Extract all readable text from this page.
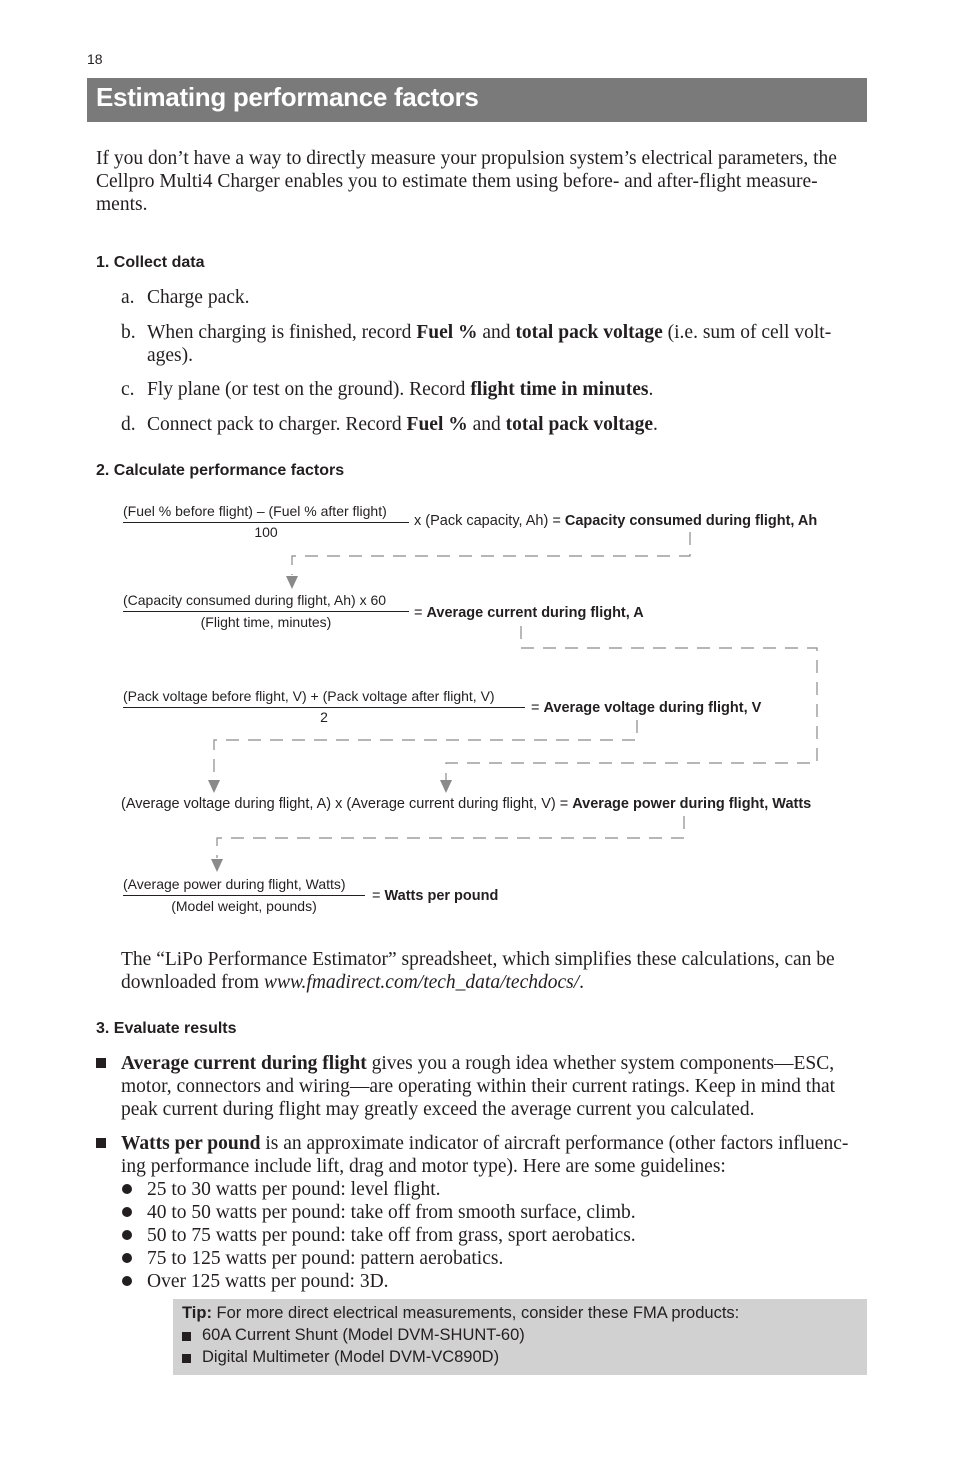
18
Estimating performance factors
If you don’t have a way to directly measure your propulsion system’s electrical parameters, the
Cellpro Multi4 Charger enables you to estimate them using before- and after-flight measure-
ments.
1. Collect data
a. Charge pack.
b. When charging is finished, record Fuel % and total pack voltage (i.e. sum of cell volt-
ages).
c. Fly plane (or test on the ground). Record flight time in minutes.
d. Connect pack to charger. Record Fuel % and total pack voltage.
2. Calculate performance factors
(Fuel % before flight) – (Fuel % after flight)
100
x (Pack capacity, Ah) = Capacity consumed during flight, Ah
(Capacity consumed during flight, Ah) x 60
(Flight time, minutes)
= Average current during flight, A
(Pack voltage before flight, V) + (Pack voltage after flight, V)
2
= Average voltage during flight, V
(Average voltage during flight, A) x (Average current during flight, V) = Average power during flight, Watts
(Average power during flight, Watts)
(Model weight, pounds)
= Watts per pound
The “LiPo Performance Estimator” spreadsheet, which simplifies these calculations, can be
downloaded from www.fmadirect.com/tech_data/techdocs/.
3. Evaluate results
Average current during flight gives you a rough idea whether system components—ESC,
motor, connectors and wiring—are operating within their current ratings. Keep in mind that
peak current during flight may greatly exceed the average current you calculated.
Watts per pound is an approximate indicator of aircraft performance (other factors influenc-
ing performance include lift, drag and motor type). Here are some guidelines:
25 to 30 watts per pound: level flight.
40 to 50 watts per pound: take off from smooth surface, climb.
50 to 75 watts per pound: take off from grass, sport aerobatics.
75 to 125 watts per pound: pattern aerobatics.
Over 125 watts per pound: 3D.
Tip: For more direct electrical measurements, consider these FMA products:
60A Current Shunt (Model DVM-SHUNT-60)
Digital Multimeter (Model DVM-VC890D)
